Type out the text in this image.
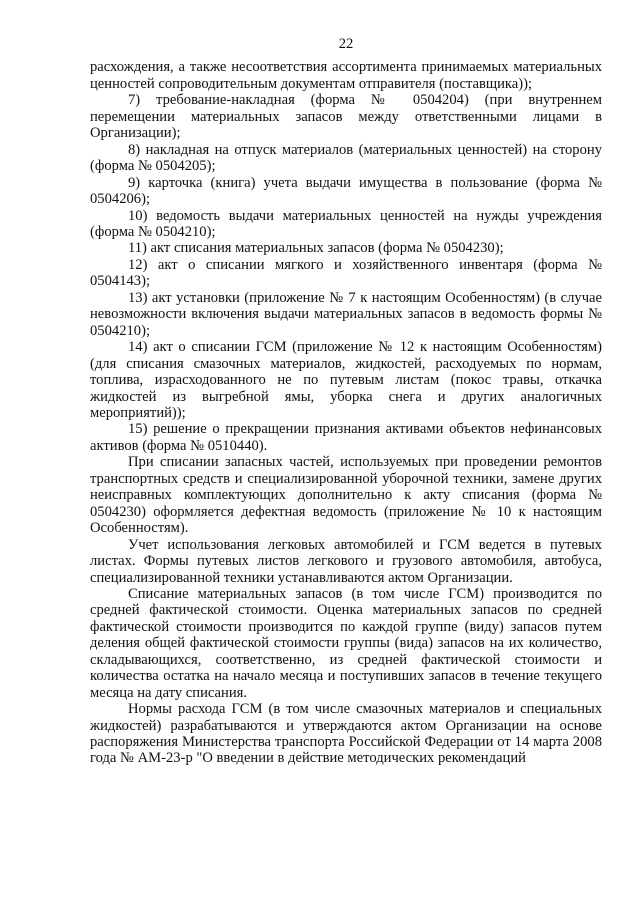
22

расхождения, а также несоответствия ассортимента принимаемых материальных ценностей сопроводительным документам отправителя (поставщика));

7) требование-накладная (форма № 0504204) (при внутреннем перемещении материальных запасов между ответственными лицами в Организации);

8) накладная на отпуск материалов (материальных ценностей) на сторону (форма № 0504205);

9) карточка (книга) учета выдачи имущества в пользование (форма № 0504206);

10) ведомость выдачи материальных ценностей на нужды учреждения (форма № 0504210);

11) акт списания материальных запасов (форма № 0504230);

12) акт о списании мягкого и хозяйственного инвентаря (форма № 0504143);

13) акт установки (приложение № 7 к настоящим Особенностям) (в случае невозможности включения выдачи материальных запасов в ведомость формы № 0504210);

14) акт о списании ГСМ (приложение № 12 к настоящим Особенностям) (для списания смазочных материалов, жидкостей, расходуемых по нормам, топлива, израсходованного не по путевым листам (покос травы, откачка жидкостей из выгребной ямы, уборка снега и других аналогичных мероприятий));

15) решение о прекращении признания активами объектов нефинансовых активов (форма № 0510440).

При списании запасных частей, используемых при проведении ремонтов транспортных средств и специализированной уборочной техники, замене других неисправных комплектующих дополнительно к акту списания (форма № 0504230) оформляется дефектная ведомость (приложение № 10 к настоящим Особенностям).

Учет использования легковых автомобилей и ГСМ ведется в путевых листах. Формы путевых листов легкового и грузового автомобиля, автобуса, специализированной техники устанавливаются актом Организации.

Списание материальных запасов (в том числе ГСМ) производится по средней фактической стоимости. Оценка материальных запасов по средней фактической стоимости производится по каждой группе (виду) запасов путем деления общей фактической стоимости группы (вида) запасов на их количество, складывающихся, соответственно, из средней фактической стоимости и количества остатка на начало месяца и поступивших запасов в течение текущего месяца на дату списания.

Нормы расхода ГСМ (в том числе смазочных материалов и специальных жидкостей) разрабатываются и утверждаются актом Организации на основе распоряжения Министерства транспорта Российской Федерации от 14 марта 2008 года № АМ-23-р "О введении в действие методических рекомендаций
